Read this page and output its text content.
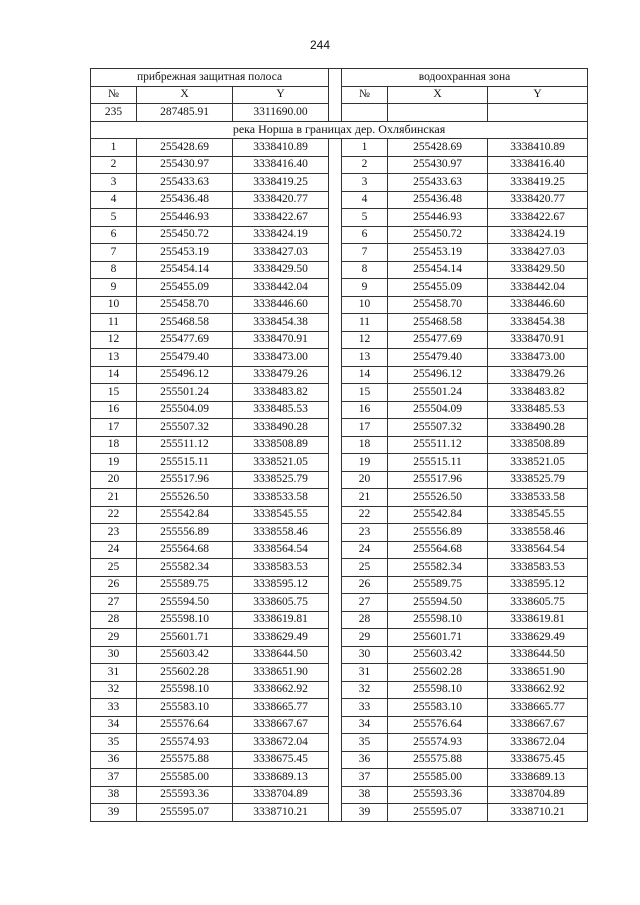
244
прибрежная защитная полоса				водоохранная зона		
№	X	Y		№	X	Y
235	287485.91	3311690.00				
река Норша в границах дер. Охлябинская						
1	255428.69	3338410.89		1	255428.69	3338410.89
2	255430.97	3338416.40		2	255430.97	3338416.40
3	255433.63	3338419.25		3	255433.63	3338419.25
4	255436.48	3338420.77		4	255436.48	3338420.77
5	255446.93	3338422.67		5	255446.93	3338422.67
6	255450.72	3338424.19		6	255450.72	3338424.19
7	255453.19	3338427.03		7	255453.19	3338427.03
8	255454.14	3338429.50		8	255454.14	3338429.50
9	255455.09	3338442.04		9	255455.09	3338442.04
10	255458.70	3338446.60		10	255458.70	3338446.60
11	255468.58	3338454.38		11	255468.58	3338454.38
12	255477.69	3338470.91		12	255477.69	3338470.91
13	255479.40	3338473.00		13	255479.40	3338473.00
14	255496.12	3338479.26		14	255496.12	3338479.26
15	255501.24	3338483.82		15	255501.24	3338483.82
16	255504.09	3338485.53		16	255504.09	3338485.53
17	255507.32	3338490.28		17	255507.32	3338490.28
18	255511.12	3338508.89		18	255511.12	3338508.89
19	255515.11	3338521.05		19	255515.11	3338521.05
20	255517.96	3338525.79		20	255517.96	3338525.79
21	255526.50	3338533.58		21	255526.50	3338533.58
22	255542.84	3338545.55		22	255542.84	3338545.55
23	255556.89	3338558.46		23	255556.89	3338558.46
24	255564.68	3338564.54		24	255564.68	3338564.54
25	255582.34	3338583.53		25	255582.34	3338583.53
26	255589.75	3338595.12		26	255589.75	3338595.12
27	255594.50	3338605.75		27	255594.50	3338605.75
28	255598.10	3338619.81		28	255598.10	3338619.81
29	255601.71	3338629.49		29	255601.71	3338629.49
30	255603.42	3338644.50		30	255603.42	3338644.50
31	255602.28	3338651.90		31	255602.28	3338651.90
32	255598.10	3338662.92		32	255598.10	3338662.92
33	255583.10	3338665.77		33	255583.10	3338665.77
34	255576.64	3338667.67		34	255576.64	3338667.67
35	255574.93	3338672.04		35	255574.93	3338672.04
36	255575.88	3338675.45		36	255575.88	3338675.45
37	255585.00	3338689.13		37	255585.00	3338689.13
38	255593.36	3338704.89		38	255593.36	3338704.89
39	255595.07	3338710.21		39	255595.07	3338710.21
